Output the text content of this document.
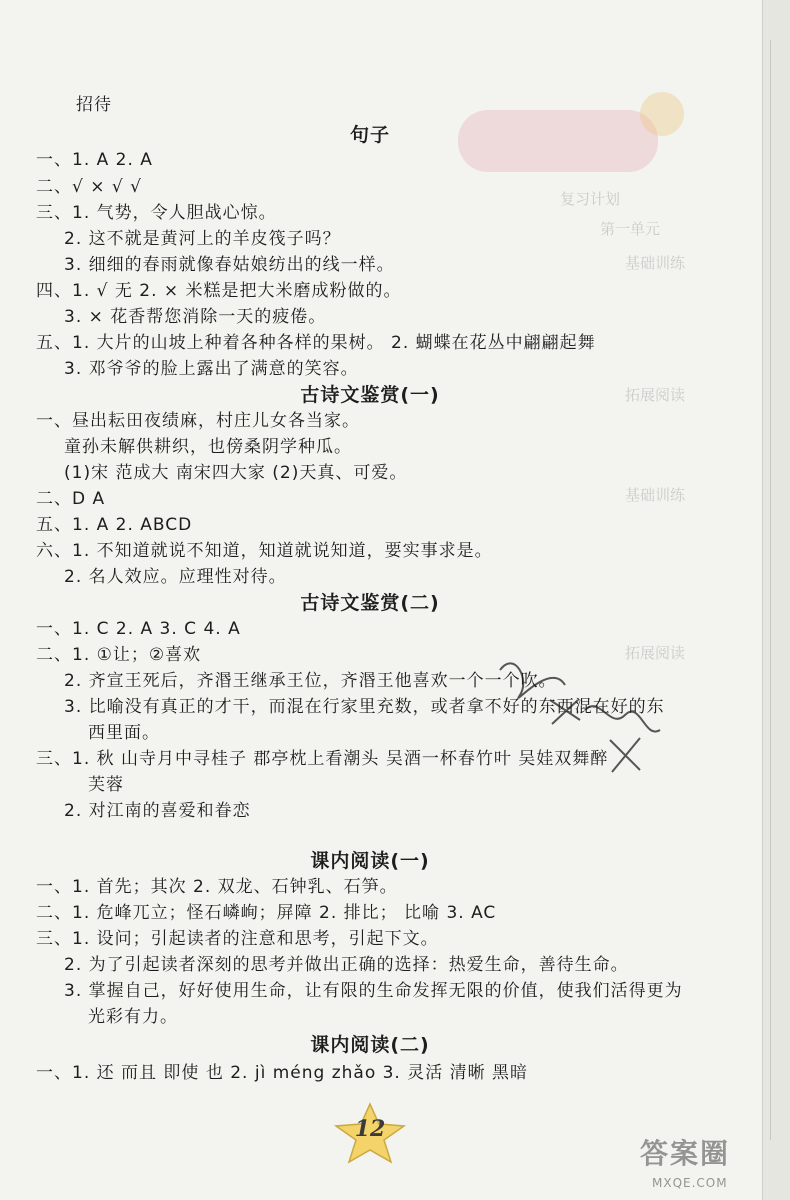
复习计划
第一单元
基础训练
拓展阅读
基础训练
拓展阅读
招待
句子
一、1. A 2. A
二、√ × √ √
三、1. 气势，令人胆战心惊。
2. 这不就是黄河上的羊皮筏子吗？
3. 细细的春雨就像春姑娘纺出的线一样。
四、1. √ 无 2. × 米糕是把大米磨成粉做的。
3. × 花香帮您消除一天的疲倦。
五、1. 大片的山坡上种着各种各样的果树。 2. 蝴蝶在花丛中翩翩起舞
3. 邓爷爷的脸上露出了满意的笑容。
古诗文鉴赏(一)
一、昼出耘田夜绩麻，村庄儿女各当家。
童孙未解供耕织，也傍桑阴学种瓜。
(1)宋 范成大 南宋四大家 (2)天真、可爱。
二、D A
五、1. A 2. ABCD
六、1. 不知道就说不知道，知道就说知道，要实事求是。
2. 名人效应。应理性对待。
古诗文鉴赏(二)
一、1. C 2. A 3. C 4. A
二、1. ①让；②喜欢
2. 齐宣王死后，齐湣王继承王位，齐湣王他喜欢一个一个吹。
3. 比喻没有真正的才干，而混在行家里充数，或者拿不好的东西混在好的东
西里面。
三、1. 秋 山寺月中寻桂子 郡亭枕上看潮头 吴酒一杯春竹叶 吴娃双舞醉
芙蓉
2. 对江南的喜爱和眷恋
课内阅读(一)
一、1. 首先；其次 2. 双龙、石钟乳、石笋。
二、1. 危峰兀立；怪石嶙峋；屏障 2. 排比； 比喻 3. AC
三、1. 设问；引起读者的注意和思考，引起下文。
2. 为了引起读者深刻的思考并做出正确的选择：热爱生命，善待生命。
3. 掌握自己，好好使用生命，让有限的生命发挥无限的价值，使我们活得更为
光彩有力。
课内阅读(二)
一、1. 还 而且 即使 也 2. jì méng zhǎo 3. 灵活 清晰 黑暗
12
答案圈
MXQE.COM
